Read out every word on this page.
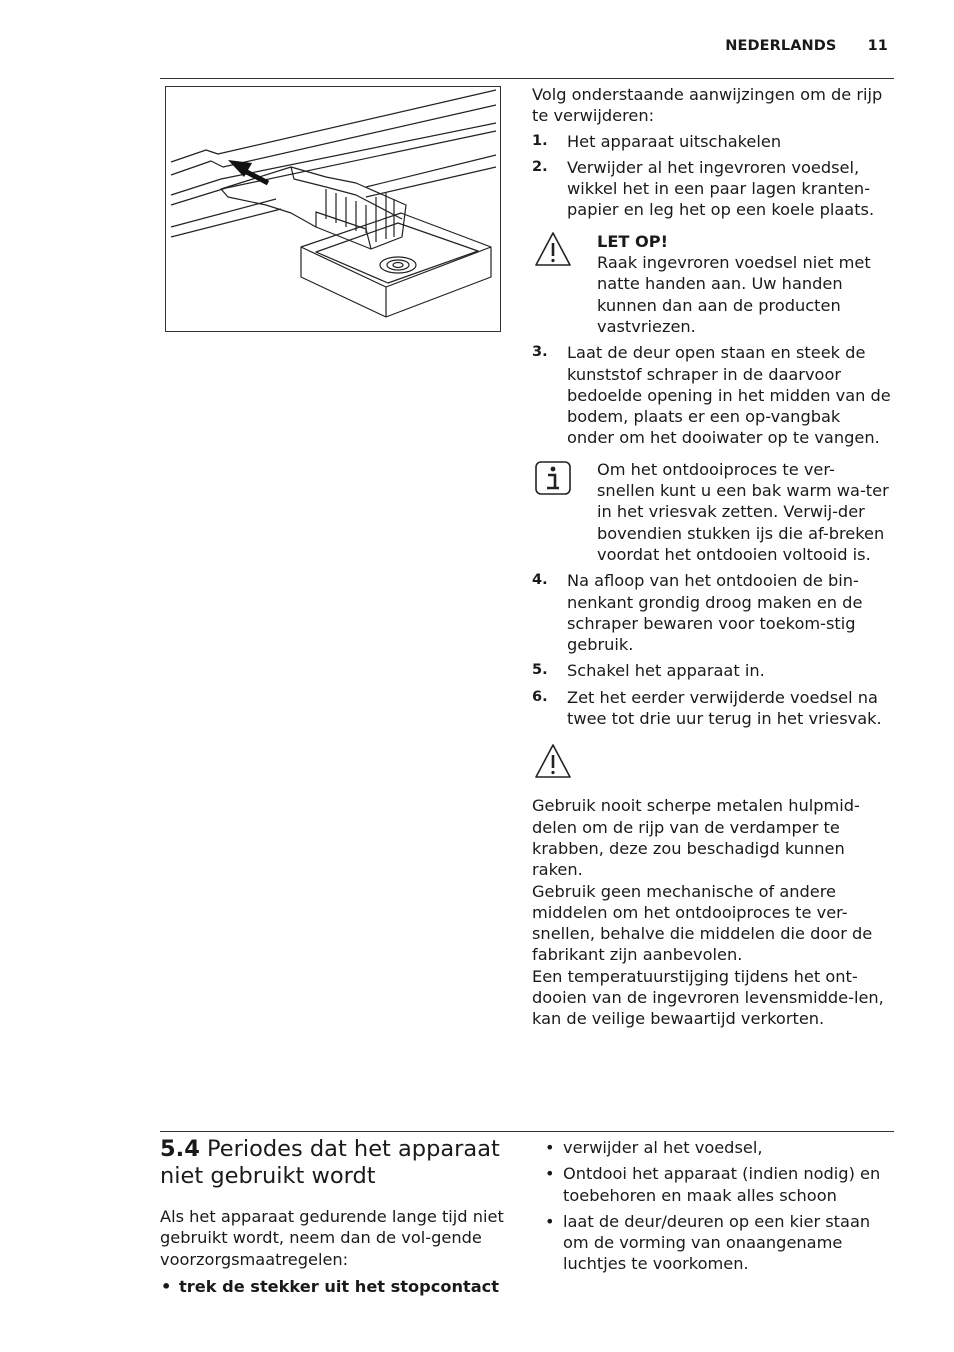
NEDERLANDS 11

Volg onderstaande aanwijzingen om de rijp te verwijderen:

1. Het apparaat uitschakelen
2. Verwijder al het ingevroren voedsel, wikkel het in een paar lagen kranten-papier en leg het op een koele plaats.
LET OP!
Raak ingevroren voedsel niet met natte handen aan. Uw handen kunnen dan aan de producten vastvriezen.
3. Laat de deur open staan en steek de kunststof schraper in de daarvoor bedoelde opening in het midden van de bodem, plaats er een op-vangbak onder om het dooiwater op te vangen.
Om het ontdooiproces te ver-snellen kunt u een bak warm wa-ter in het vriesvak zetten. Verwij-der bovendien stukken ijs die af-breken voordat het ontdooien voltooid is.
4. Na afloop van het ontdooien de bin-nenkant grondig droog maken en de schraper bewaren voor toekom-stig gebruik.
5. Schakel het apparaat in.
6. Zet het eerder verwijderde voedsel na twee tot drie uur terug in het vriesvak.

Gebruik nooit scherpe metalen hulpmid-delen om de rijp van de verdamper te krabben, deze zou beschadigd kunnen raken.

Gebruik geen mechanische of andere middelen om het ontdooiproces te ver-snellen, behalve die middelen die door de fabrikant zijn aanbevolen.

Een temperatuurstijging tijdens het ont-dooien van de ingevroren levensmidde-len, kan de veilige bewaartijd verkorten.

5.4 Periodes dat het apparaat niet gebruikt wordt

Als het apparaat gedurende lange tijd niet gebruikt wordt, neem dan de vol-gende voorzorgsmaatregelen:

• trek de stekker uit het stopcontact
• verwijder al het voedsel,
• Ontdooi het apparaat (indien nodig) en toebehoren en maak alles schoon
• laat de deur/deuren op een kier staan om de vorming van onaangename luchtjes te voorkomen.
